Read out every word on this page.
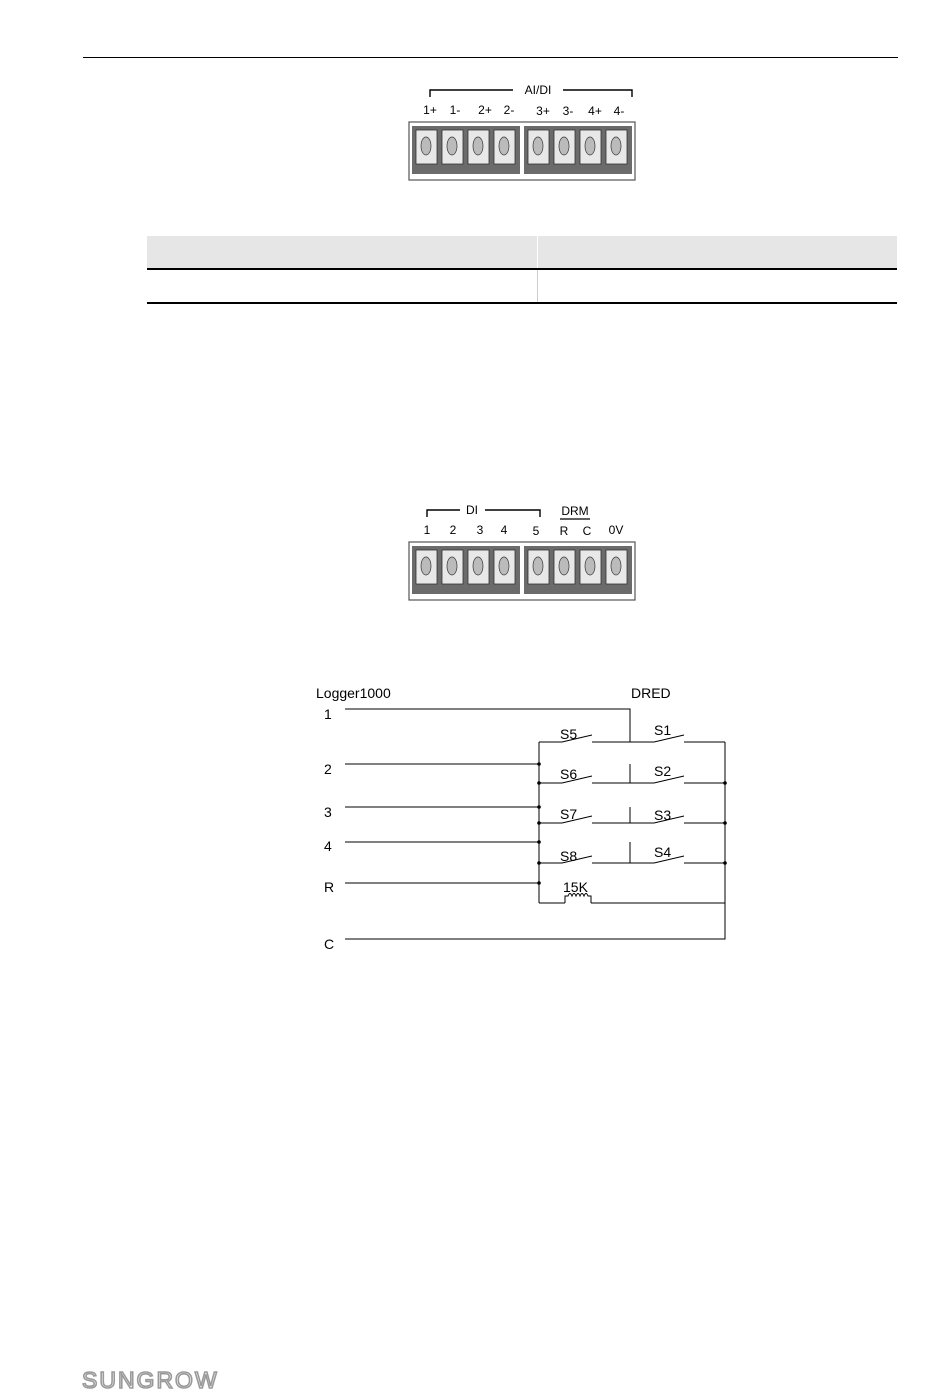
AI/DI
1+ 1- 2+ 2- 3+ 3- 4+ 4-
DI	DRM
1 2 3 4 5 R C 0V
Logger1000	DRED
1
2
3
4
R
C
S5	S1
S6	S2
S7	S3
S8	S4
15K
SUNGROW
